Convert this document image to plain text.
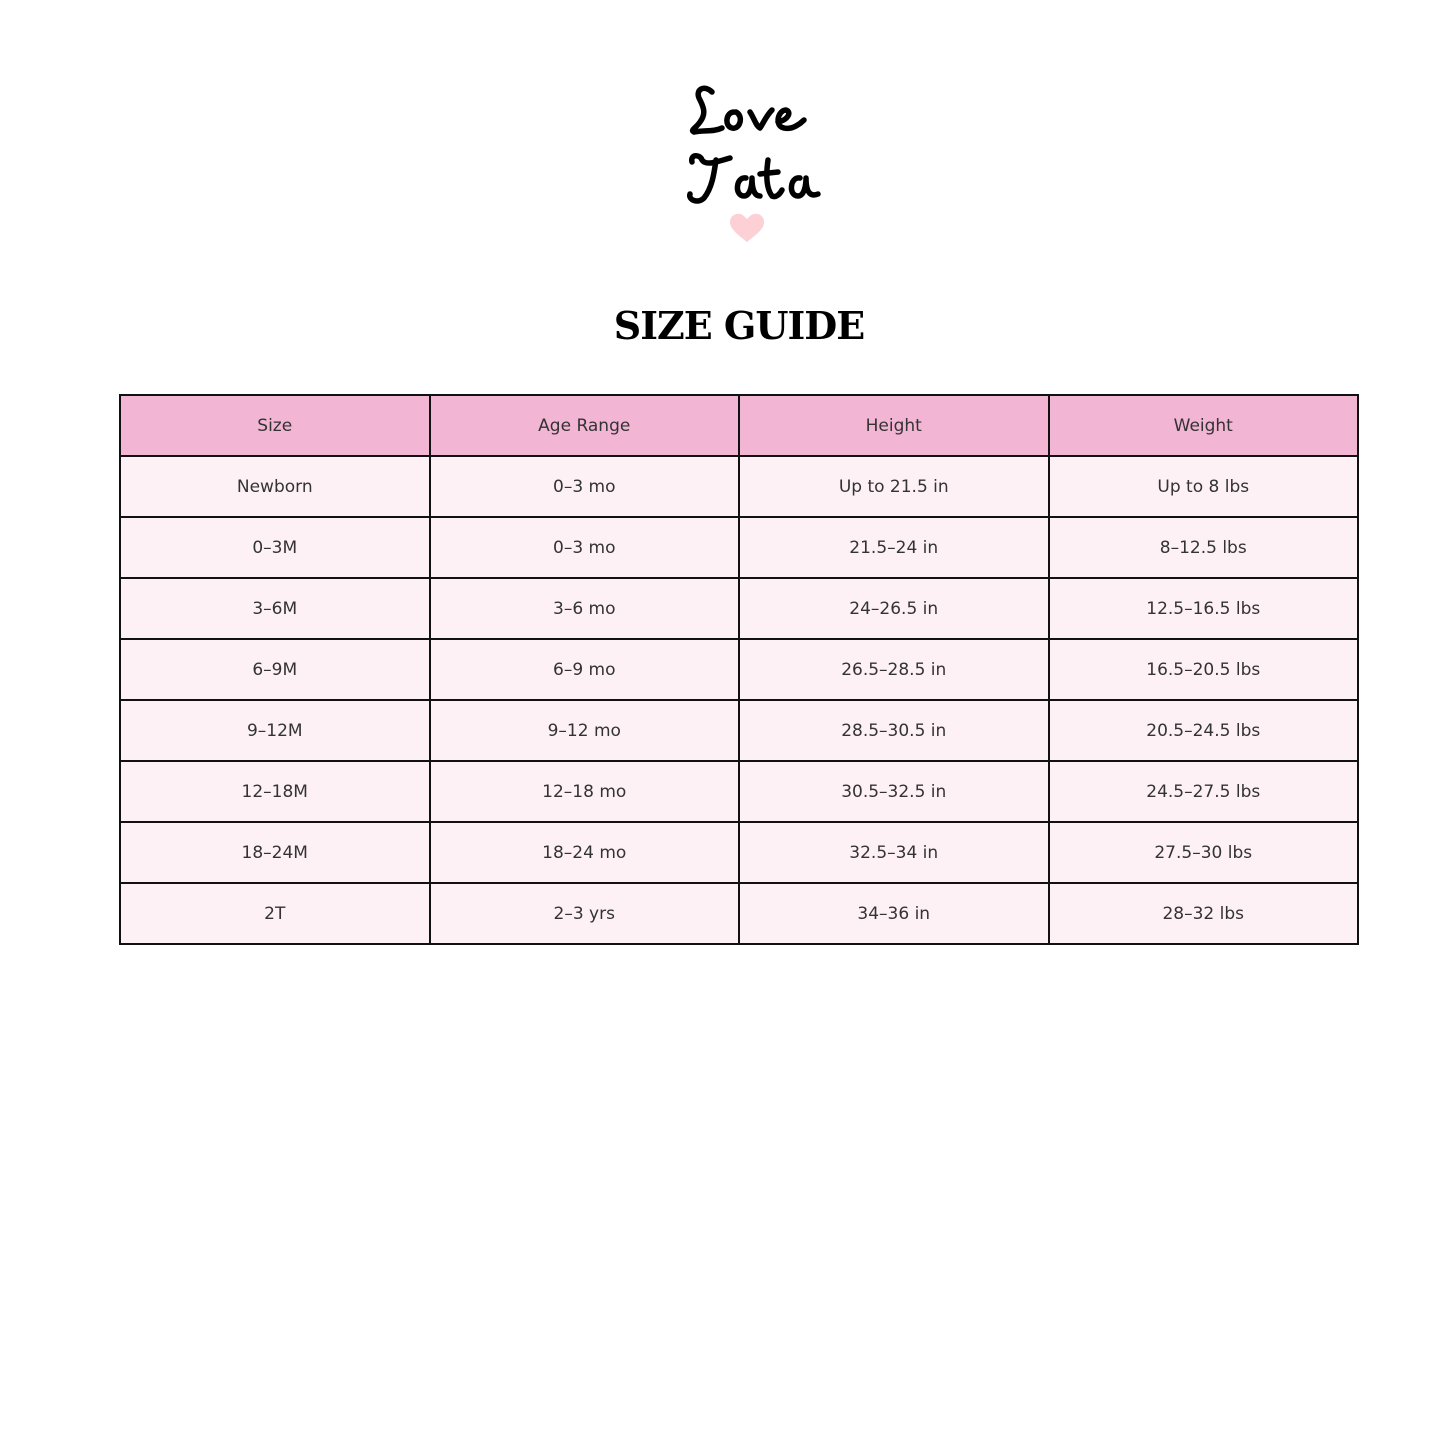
SIZE GUIDE
Size	Age Range	Height	Weight
Newborn	0–3 mo	Up to 21.5 in	Up to 8 lbs
0–3M	0–3 mo	21.5–24 in	8–12.5 lbs
3–6M	3–6 mo	24–26.5 in	12.5–16.5 lbs
6–9M	6–9 mo	26.5–28.5 in	16.5–20.5 lbs
9–12M	9–12 mo	28.5–30.5 in	20.5–24.5 lbs
12–18M	12–18 mo	30.5–32.5 in	24.5–27.5 lbs
18–24M	18–24 mo	32.5–34 in	27.5–30 lbs
2T	2–3 yrs	34–36 in	28–32 lbs
